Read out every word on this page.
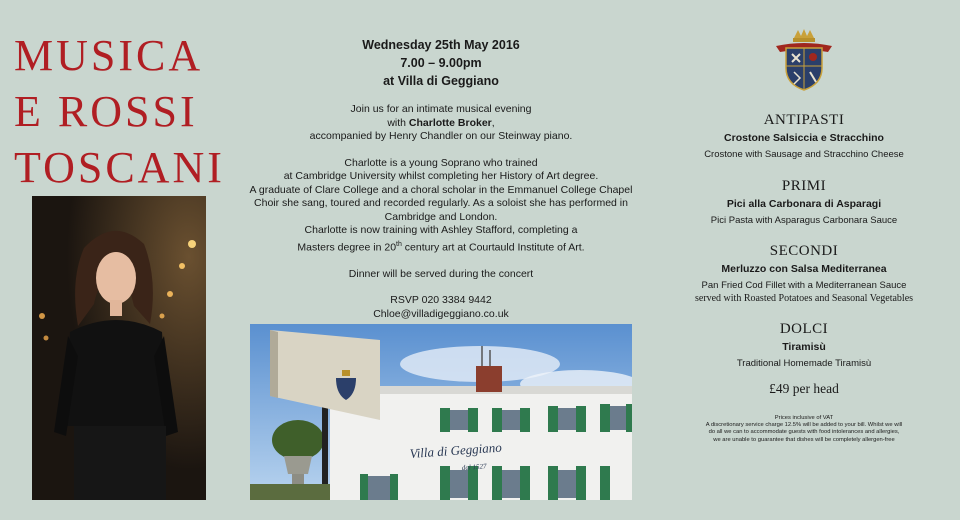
MUSICA
E ROSSI
TOSCANI

Wednesday 25th May 2016

7.00 – 9.00pm

at Villa di Geggiano

Join us for an intimate musical evening

with Charlotte Broker,

accompanied by Henry Chandler on our Steinway piano.

Charlotte is a young Soprano who trained

at Cambridge University whilst completing her History of Art degree.

A graduate of Clare College and a choral scholar in the Emmanuel College Chapel

Choir she sang, toured and recorded regularly. As a soloist she has performed in

Cambridge and London.

Charlotte is now training with Ashley Stafford, completing a

Masters degree in 20th century art at Courtauld Institute of Art.

Dinner will be served during the concert

RSVP 020 3384 9442

Chloe@villadigeggiano.co.uk

Villa di Geggiano
dal 1527
ANTIPASTI

Crostone Salsiccia e Stracchino

Crostone with Sausage and Stracchino Cheese

PRIMI

Pici alla Carbonara di Asparagi

Pici Pasta with Asparagus Carbonara Sauce

SECONDI

Merluzzo con Salsa Mediterranea

Pan Fried Cod Fillet with a Mediterranean Sauce

served with Roasted Potatoes and Seasonal Vegetables

DOLCI

Tiramisù

Traditional Homemade Tiramisù

£49 per head

Prices inclusive of VAT

A discretionary service charge 12.5% will be added to your bill. Whilst we will

do all we can to accommodate guests with food intolerances and allergies,

we are unable to guarantee that dishes will be completely allergen-free
